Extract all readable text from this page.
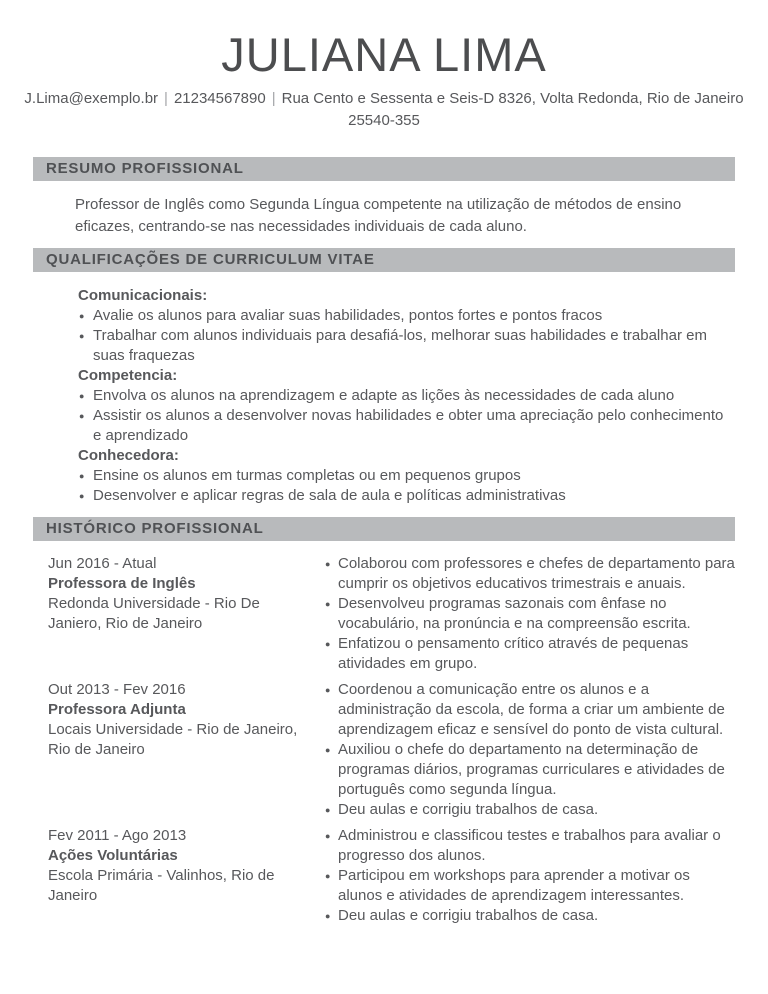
JULIANA LIMA
J.Lima@exemplo.br | 21234567890 | Rua Cento e Sessenta e Seis-D 8326, Volta Redonda, Rio de Janeiro
25540-355
RESUMO PROFISSIONAL

Professor de Inglês como Segunda Língua competente na utilização de métodos de ensino eficazes, centrando-se nas necessidades individuais de cada aluno.

QUALIFICAÇÕES DE CURRICULUM VITAE
Comunicacionais:
● Avalie os alunos para avaliar suas habilidades, pontos fortes e pontos fracos
● Trabalhar com alunos individuais para desafiá-los, melhorar suas habilidades e trabalhar em suas fraquezas
Competencia:
● Envolva os alunos na aprendizagem e adapte as lições às necessidades de cada aluno
● Assistir os alunos a desenvolver novas habilidades e obter uma apreciação pelo conhecimento e aprendizado
Conhecedora:
● Ensine os alunos em turmas completas ou em pequenos grupos
● Desenvolver e aplicar regras de sala de aula e políticas administrativas
HISTÓRICO PROFISSIONAL
Jun 2016 - Atual
Professora de Inglês
Redonda Universidade - Rio De Janiero, Rio de Janeiro
● Colaborou com professores e chefes de departamento para cumprir os objetivos educativos trimestrais e anuais.
● Desenvolveu programas sazonais com ênfase no vocabulário, na pronúncia e na compreensão escrita.
● Enfatizou o pensamento crítico através de pequenas atividades em grupo.
Out 2013 - Fev 2016
Professora Adjunta
Locais Universidade - Rio de Janeiro, Rio de Janeiro
● Coordenou a comunicação entre os alunos e a administração da escola, de forma a criar um ambiente de aprendizagem eficaz e sensível do ponto de vista cultural.
● Auxiliou o chefe do departamento na determinação de programas diários, programas curriculares e atividades de português como segunda língua.
● Deu aulas e corrigiu trabalhos de casa.
Fev 2011 - Ago 2013
Ações Voluntárias
Escola Primária - Valinhos, Rio de Janeiro
● Administrou e classificou testes e trabalhos para avaliar o progresso dos alunos.
● Participou em workshops para aprender a motivar os alunos e atividades de aprendizagem interessantes.
● Deu aulas e corrigiu trabalhos de casa.
